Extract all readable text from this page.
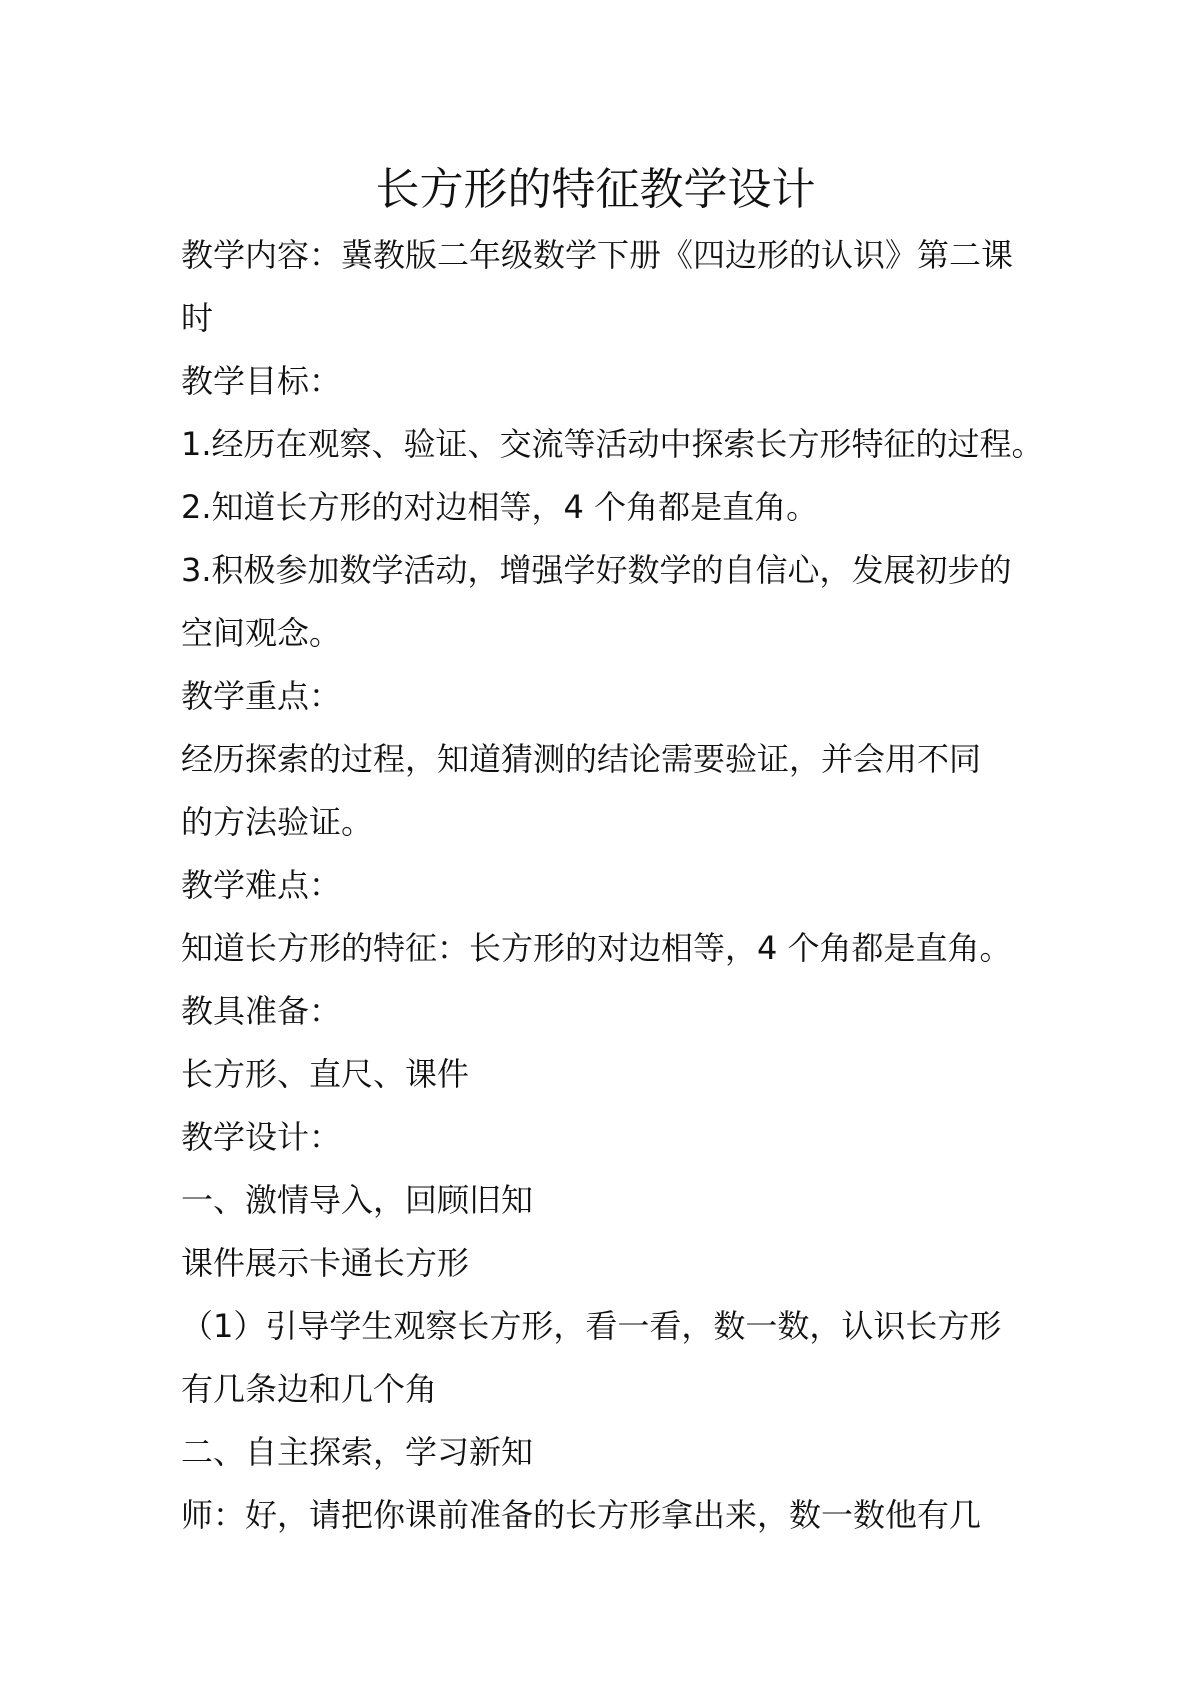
长方形的特征教学设计
教学内容：冀教版二年级数学下册《四边形的认识》第二课
时
教学目标：
1.经历在观察、验证、交流等活动中探索长方形特征的过程。
2.知道长方形的对边相等，4 个角都是直角。
3.积极参加数学活动，增强学好数学的自信心，发展初步的
空间观念。
教学重点：
经历探索的过程，知道猜测的结论需要验证，并会用不同
的方法验证。
教学难点：
知道长方形的特征：长方形的对边相等，4 个角都是直角。
教具准备：
长方形、直尺、课件
教学设计：
一、激情导入，回顾旧知
课件展示卡通长方形
（1）引导学生观察长方形，看一看，数一数，认识长方形
有几条边和几个角
二、自主探索，学习新知
师：好，请把你课前准备的长方形拿出来，数一数他有几
